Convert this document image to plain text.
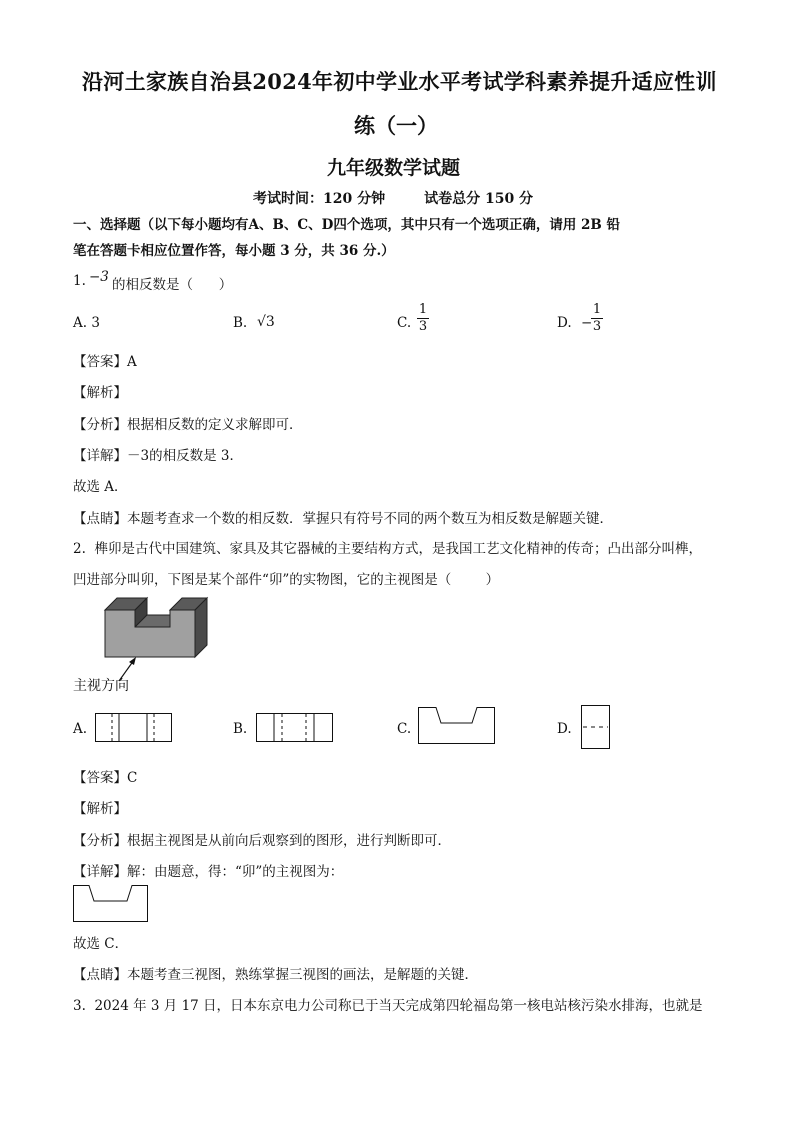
沿河土家族自治县2024年初中学业水平考试学科素养提升适应性训
练（一）
九年级数学试题
考试时间：120 分钟        试卷总分 150 分
一、选择题（以下每小题均有A、B、C、D四个选项，其中只有一个选项正确，请用 2B 铅
笔在答题卡相应位置作答，每小题 3 分，共 36 分.）
1. −3 的相反数是（      ）
A. 3	B. √3	C.
1
3	D. −
1
3
【答案】A
【解析】
【分析】根据相反数的定义求解即可．
【详解】－3的相反数是 3．
故选 A．
【点睛】本题考查求一个数的相反数．掌握只有符号不同的两个数互为相反数是解题关键．
2.  榫卯是古代中国建筑、家具及其它器械的主要结构方式，是我国工艺文化精神的传奇；凸出部分叫榫，
凹进部分叫卯，下图是某个部件“卯”的实物图，它的主视图是（        ）
主视方向
A.	B.	C.	D.
【答案】C
【解析】
【分析】根据主视图是从前向后观察到的图形，进行判断即可．
【详解】解：由题意，得：“卯”的主视图为：
故选 C．
【点睛】本题考查三视图，熟练掌握三视图的画法，是解题的关键．
3.  2024 年 3 月 17 日，日本东京电力公司称已于当天完成第四轮福岛第一核电站核污染水排海，也就是
